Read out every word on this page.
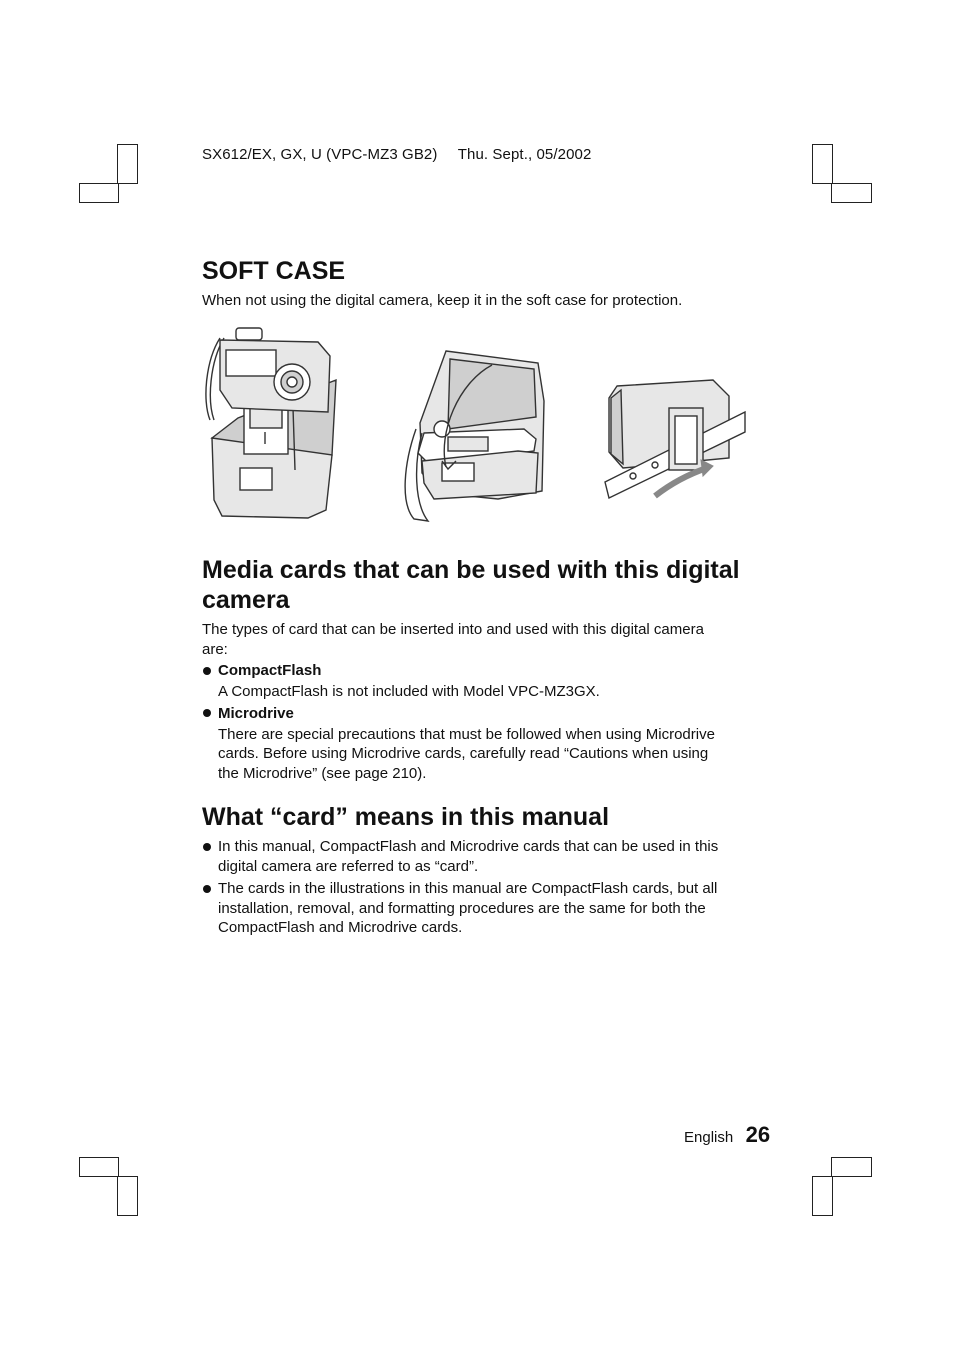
SX612/EX, GX, U (VPC-MZ3 GB2) Thu. Sept., 05/2002
SOFT CASE

When not using the digital camera, keep it in the soft case for protection.

Media cards that can be used with this digital
camera

The types of card that can be inserted into and used with this digital camera
are:

CompactFlash
A CompactFlash is not included with Model VPC-MZ3GX.
Microdrive
There are special precautions that must be followed when using Microdrive
cards. Before using Microdrive cards, carefully read “Cautions when using
the Microdrive” (see page 210).
What “card” means in this manual
In this manual, CompactFlash and Microdrive cards that can be used in this
digital camera are referred to as “card”.
The cards in the illustrations in this manual are CompactFlash cards, but all
installation, removal, and formatting procedures are the same for both the
CompactFlash and Microdrive cards.
English 26
